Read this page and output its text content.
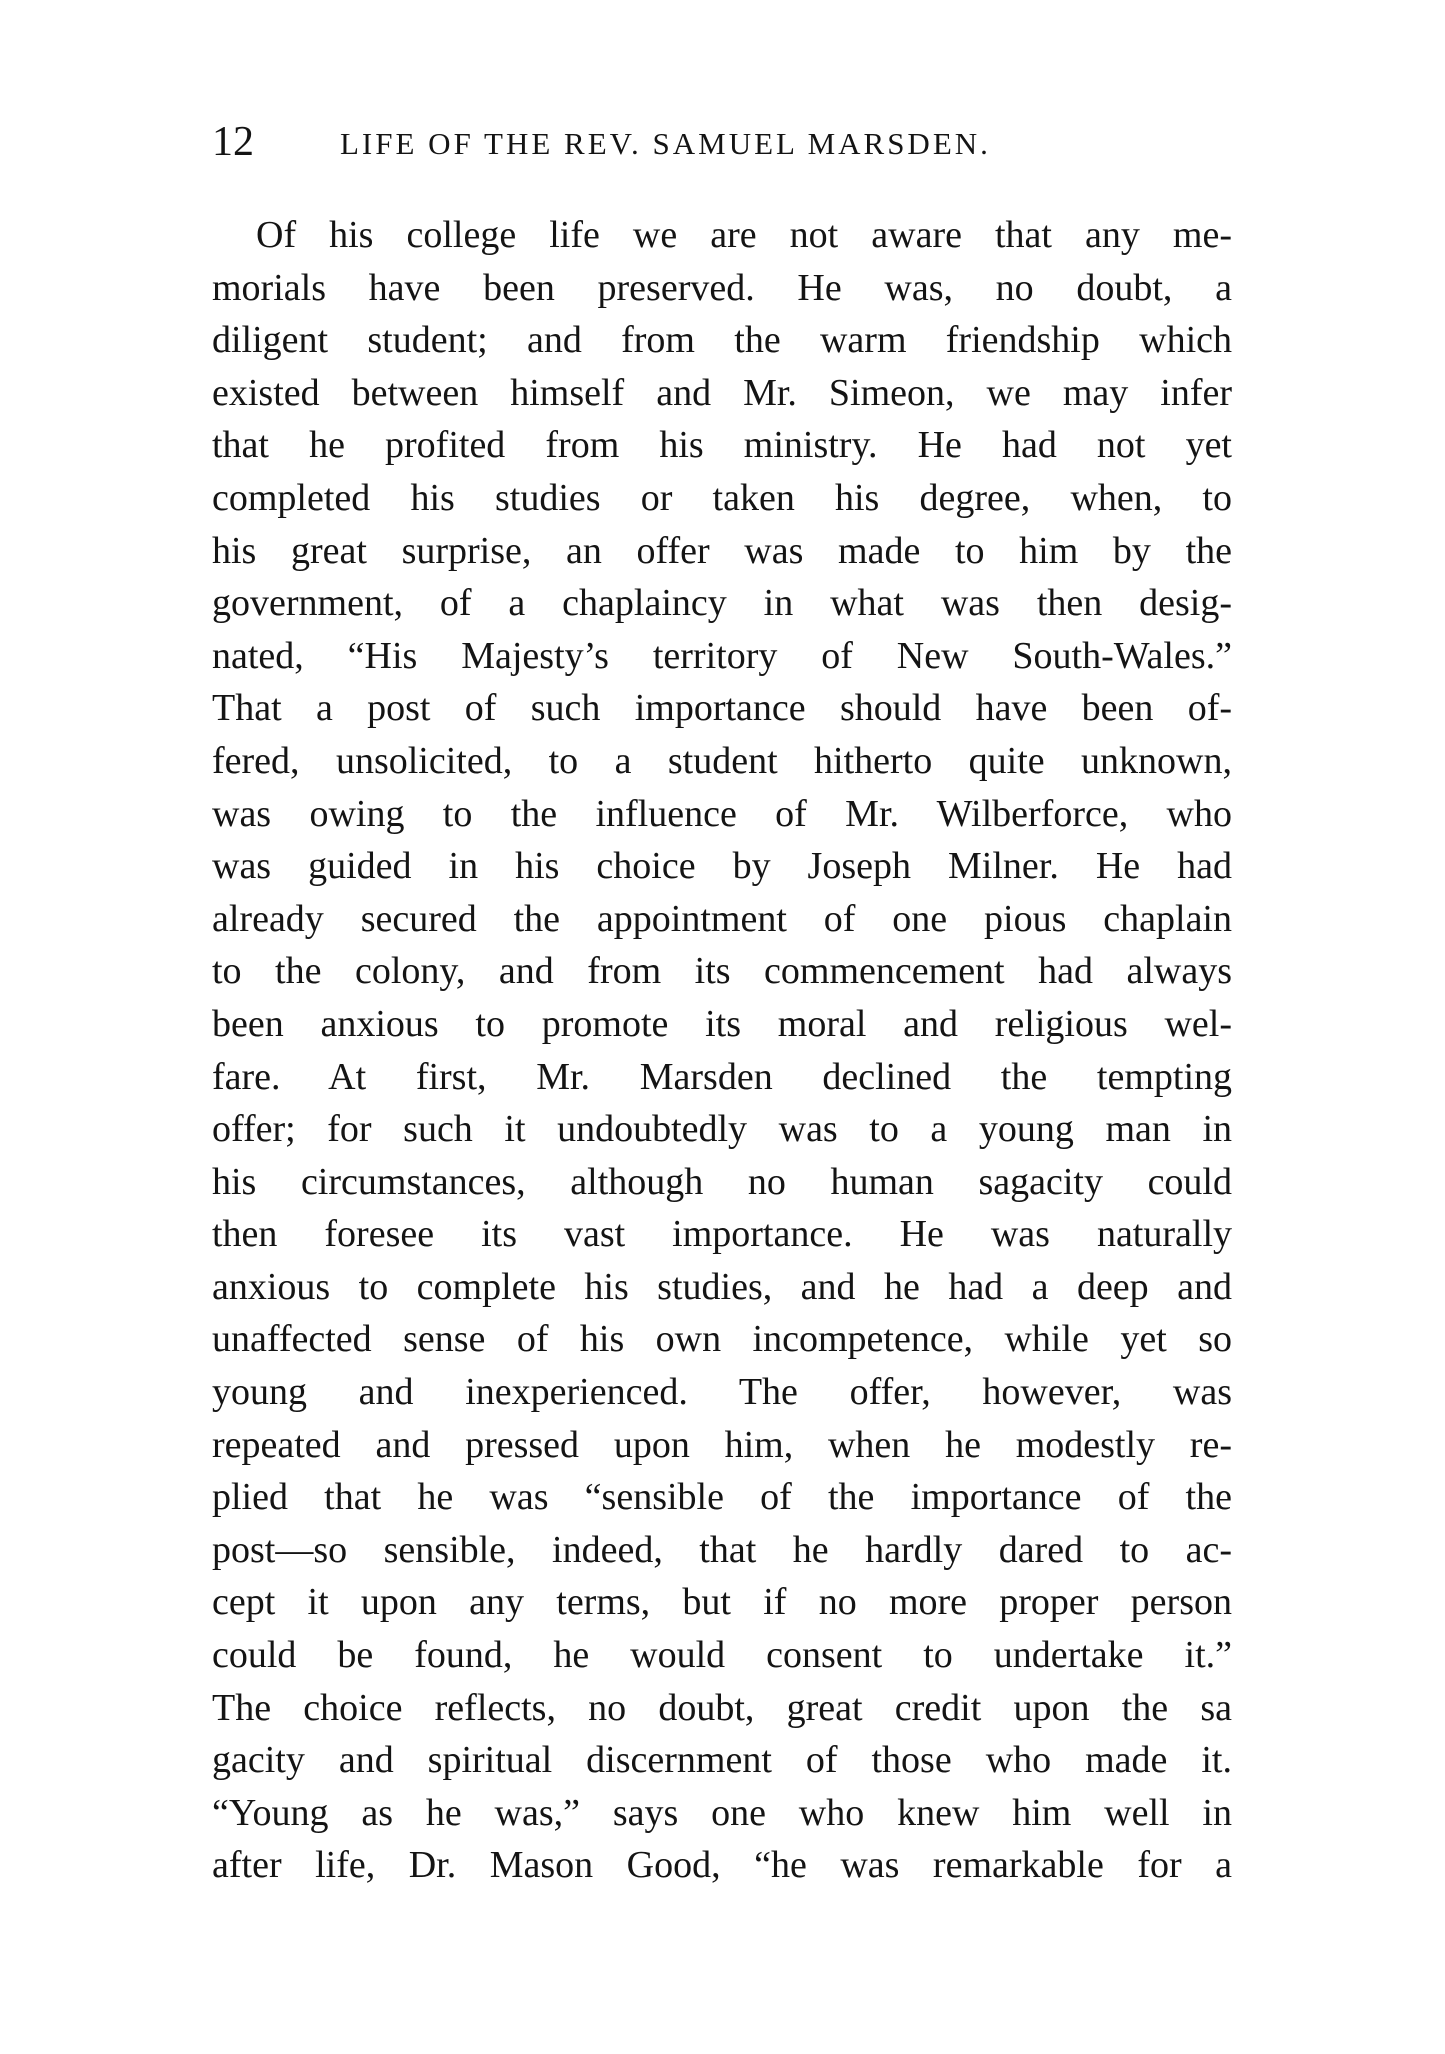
12	LIFE OF THE REV. SAMUEL MARSDEN.
Of his college life we are not aware that any me-
morials have been preserved. He was, no doubt, a
diligent student; and from the warm friendship which
existed between himself and Mr. Simeon, we may infer
that he profited from his ministry. He had not yet
completed his studies or taken his degree, when, to
his great surprise, an offer was made to him by the
government, of a chaplaincy in what was then desig-
nated, “His Majesty’s territory of New South-Wales.”
That a post of such importance should have been of-
fered, unsolicited, to a student hitherto quite unknown,
was owing to the influence of Mr. Wilberforce, who
was guided in his choice by Joseph Milner. He had
already secured the appointment of one pious chaplain
to the colony, and from its commencement had always
been anxious to promote its moral and religious wel-
fare. At first, Mr. Marsden declined the tempting
offer; for such it undoubtedly was to a young man in
his circumstances, although no human sagacity could
then foresee its vast importance. He was naturally
anxious to complete his studies, and he had a deep and
unaffected sense of his own incompetence, while yet so
young and inexperienced. The offer, however, was
repeated and pressed upon him, when he modestly re-
plied that he was “sensible of the importance of the
post—so sensible, indeed, that he hardly dared to ac-
cept it upon any terms, but if no more proper person
could be found, he would consent to undertake it.”
The choice reflects, no doubt, great credit upon the sa
gacity and spiritual discernment of those who made it.
“Young as he was,” says one who knew him well in
after life, Dr. Mason Good, “he was remarkable for a
